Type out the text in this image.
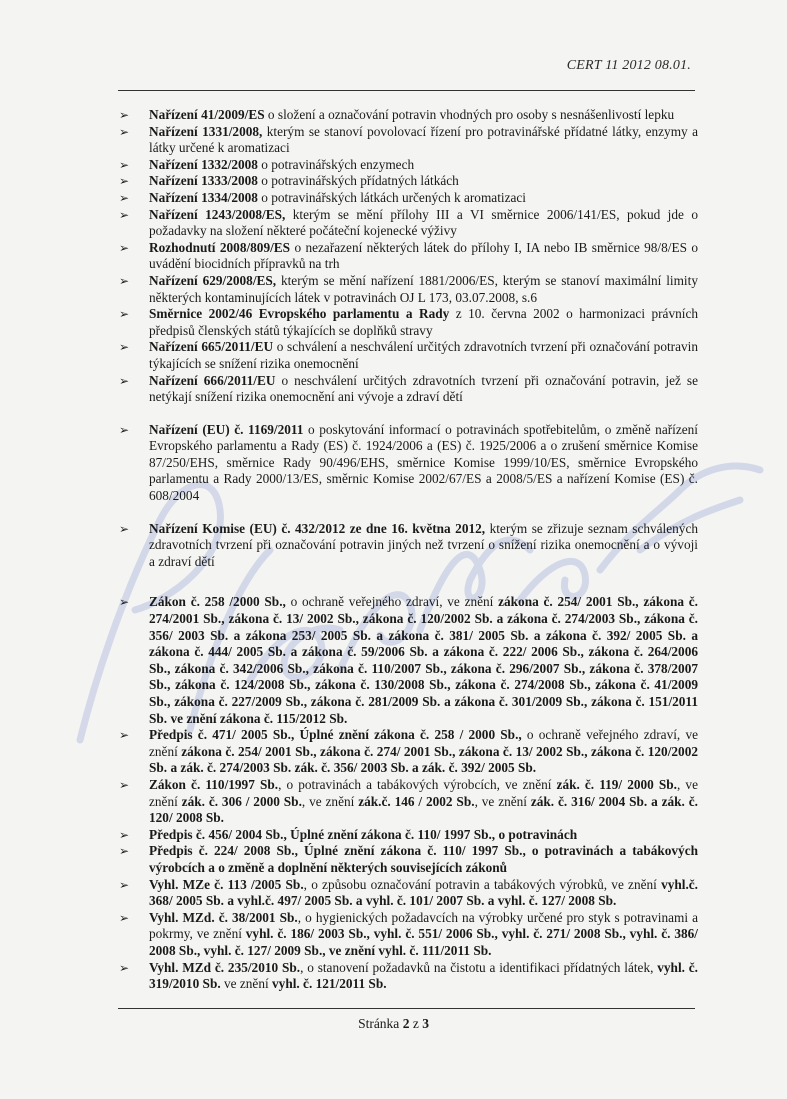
CERT 11 2012 08.01.
➢ Nařízení 41/2009/ES o složení a označování potravin vhodných pro osoby s nesnášenlivostí lepku
➢ Nařízení 1331/2008, kterým se stanoví povolovací řízení pro potravinářské přídatné látky, enzymy a látky určené k aromatizaci
➢ Nařízení 1332/2008 o potravinářských enzymech
➢ Nařízení 1333/2008 o potravinářských přídatných látkách
➢ Nařízení 1334/2008 o potravinářských látkách určených k aromatizaci
➢ Nařízení 1243/2008/ES, kterým se mění přílohy III a VI směrnice 2006/141/ES, pokud jde o požadavky na složení některé počáteční kojenecké výživy
➢ Rozhodnutí 2008/809/ES o nezařazení některých látek do přílohy I, IA nebo IB směrnice 98/8/ES o uvádění biocidních přípravků na trh
➢ Nařízení 629/2008/ES, kterým se mění nařízení 1881/2006/ES, kterým se stanoví maximální limity některých kontaminujících látek v potravinách OJ L 173, 03.07.2008, s.6
➢ Směrnice 2002/46 Evropského parlamentu a Rady z 10. června 2002 o harmonizaci právních předpisů členských států týkajících se doplňků stravy
➢ Nařízení 665/2011/EU o schválení a neschválení určitých zdravotních tvrzení při označování potravin týkajících se snížení rizika onemocnění
➢ Nařízení 666/2011/EU o neschválení určitých zdravotních tvrzení při označování potravin, jež se netýkají snížení rizika onemocnění ani vývoje a zdraví dětí
➢ Nařízení (EU) č. 1169/2011 o poskytování informací o potravinách spotřebitelům, o změně nařízení Evropského parlamentu a Rady (ES) č. 1924/2006 a (ES) č. 1925/2006 a o zrušení směrnice Komise 87/250/EHS, směrnice Rady 90/496/EHS, směrnice Komise 1999/10/ES, směrnice Evropského parlamentu a Rady 2000/13/ES, směrnic Komise 2002/67/ES a 2008/5/ES a nařízení Komise (ES) č. 608/2004
➢ Nařízení Komise (EU) č. 432/2012 ze dne 16. května 2012, kterým se zřizuje seznam schválených zdravotních tvrzení při označování potravin jiných než tvrzení o snížení rizika onemocnění a o vývoji a zdraví dětí
➢ Zákon č. 258 /2000 Sb., o ochraně veřejného zdraví, ve znění zákona č. 254/ 2001 Sb., zákona č. 274/2001 Sb., zákona č. 13/ 2002 Sb., zákona č. 120/2002 Sb. a zákona č. 274/2003 Sb., zákona č. 356/ 2003 Sb. a zákona 253/ 2005 Sb. a zákona č. 381/ 2005 Sb. a zákona č. 392/ 2005 Sb. a zákona č. 444/ 2005 Sb. a zákona č. 59/2006 Sb. a zákona č. 222/ 2006 Sb., zákona č. 264/2006 Sb., zákona č. 342/2006 Sb., zákona č. 110/2007 Sb., zákona č. 296/2007 Sb., zákona č. 378/2007 Sb., zákona č. 124/2008 Sb., zákona č. 130/2008 Sb., zákona č. 274/2008 Sb., zákona č. 41/2009 Sb., zákona č. 227/2009 Sb., zákona č. 281/2009 Sb. a zákona č. 301/2009 Sb., zákona č. 151/2011 Sb. ve znění zákona č. 115/2012 Sb.
➢ Předpis č. 471/ 2005 Sb., Úplné znění zákona č. 258 / 2000 Sb., o ochraně veřejného zdraví, ve znění zákona č. 254/ 2001 Sb., zákona č. 274/ 2001 Sb., zákona č. 13/ 2002 Sb., zákona č. 120/2002 Sb. a zák. č. 274/2003 Sb. zák. č. 356/ 2003 Sb. a zák. č. 392/ 2005 Sb.
➢ Zákon č. 110/1997 Sb., o potravinách a tabákových výrobcích, ve znění zák. č. 119/ 2000 Sb., ve znění zák. č. 306 / 2000 Sb., ve znění zák.č. 146 / 2002 Sb., ve znění zák. č. 316/ 2004 Sb. a zák. č. 120/ 2008 Sb.
➢ Předpis č. 456/ 2004 Sb., Úplné znění zákona č. 110/ 1997 Sb., o potravinách
➢ Předpis č. 224/ 2008 Sb., Úplné znění zákona č. 110/ 1997 Sb., o potravinách a tabákových výrobcích a o změně a doplnění některých souvisejících zákonů
➢ Vyhl. MZe č. 113 /2005 Sb., o způsobu označování potravin a tabákových výrobků, ve znění vyhl.č. 368/ 2005 Sb. a vyhl.č. 497/ 2005 Sb. a vyhl. č. 101/ 2007 Sb. a vyhl. č. 127/ 2008 Sb.
➢ Vyhl. MZd. č. 38/2001 Sb., o hygienických požadavcích na výrobky určené pro styk s potravinami a pokrmy, ve znění vyhl. č. 186/ 2003 Sb., vyhl. č. 551/ 2006 Sb., vyhl. č. 271/ 2008 Sb., vyhl. č. 386/ 2008 Sb., vyhl. č. 127/ 2009 Sb., ve znění vyhl. č. 111/2011 Sb.
➢ Vyhl. MZd č. 235/2010 Sb., o stanovení požadavků na čistotu a identifikaci přídatných látek, vyhl. č. 319/2010 Sb. ve znění vyhl. č. 121/2011 Sb.
Stránka 2 z 3
